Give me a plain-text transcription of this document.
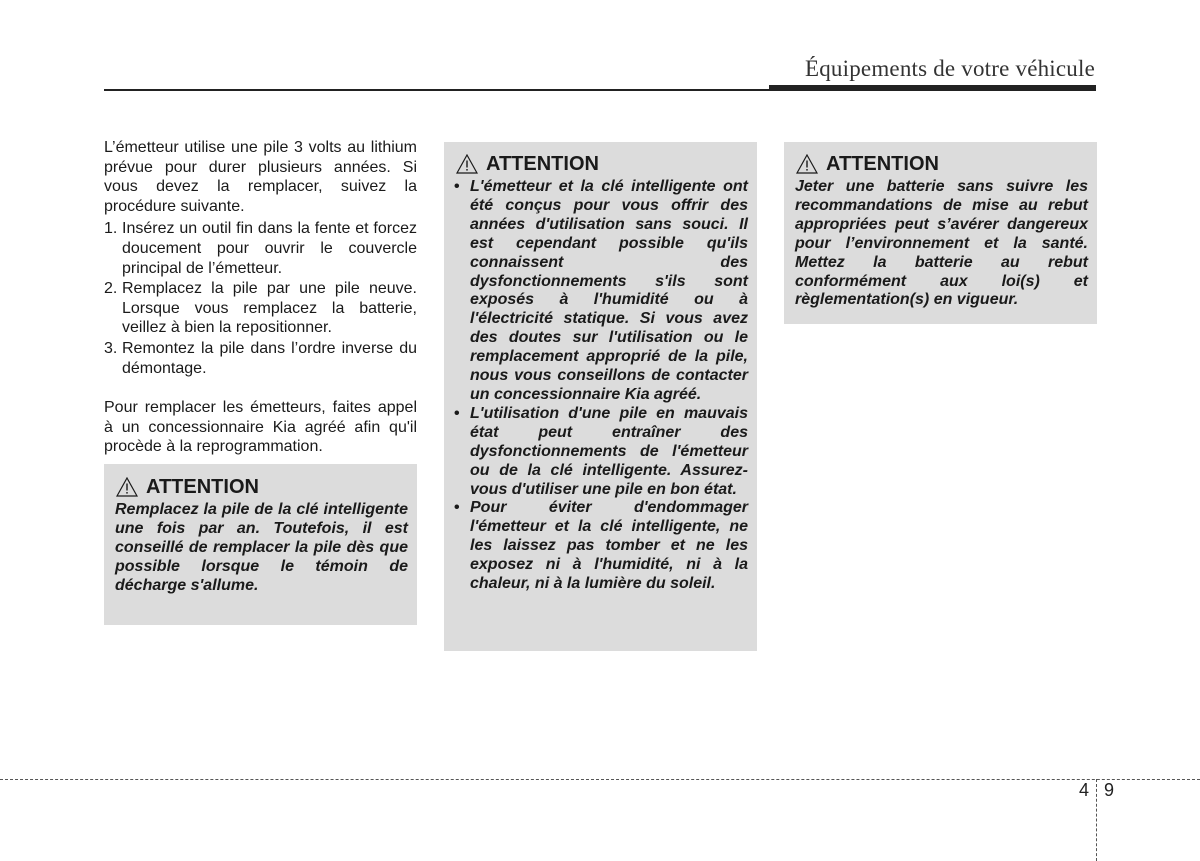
Équipements de votre véhicule

L’émetteur utilise une pile 3 volts au lithium prévue pour durer plusieurs années. Si vous devez la remplacer, suivez la procédure suivante.

1. Insérez un outil fin dans la fente et forcez doucement pour ouvrir le couvercle principal de l’émetteur.
2. Remplacez la pile par une pile neuve. Lorsque vous remplacez la batterie, veillez à bien la repositionner.
3. Remontez la pile dans l’ordre inverse du démontage.

Pour remplacer les émetteurs, faites appel à un concessionnaire Kia agréé afin qu'il procède à la reprogrammation.

ATTENTION
Remplacez la pile de la clé intelligente une fois par an. Toutefois, il est conseillé de remplacer la pile dès que possible lorsque le témoin de décharge s'allume.
ATTENTION
• L'émetteur et la clé intelligente ont été conçus pour vous offrir des années d'utilisation sans souci. Il est cependant possible qu'ils connaissent des dysfonctionnements s'ils sont exposés à l'humidité ou à l'électricité statique. Si vous avez des doutes sur l'utilisation ou le remplacement approprié de la pile, nous vous conseillons de contacter un concessionnaire Kia agréé.
• L'utilisation d'une pile en mauvais état peut entraîner des dysfonctionnements de l'émetteur ou de la clé intelligente. Assurez-vous d'utiliser une pile en bon état.
• Pour éviter d'endommager l'émetteur et la clé intelligente, ne les laissez pas tomber et ne les exposez ni à l'humidité, ni à la chaleur, ni à la lumière du soleil.
ATTENTION
Jeter une batterie sans suivre les recommandations de mise au rebut appropriées peut s’avérer dangereux pour l’environnement et la santé. Mettez la batterie au rebut conformément aux loi(s) et règlementation(s) en vigueur.
4 9
